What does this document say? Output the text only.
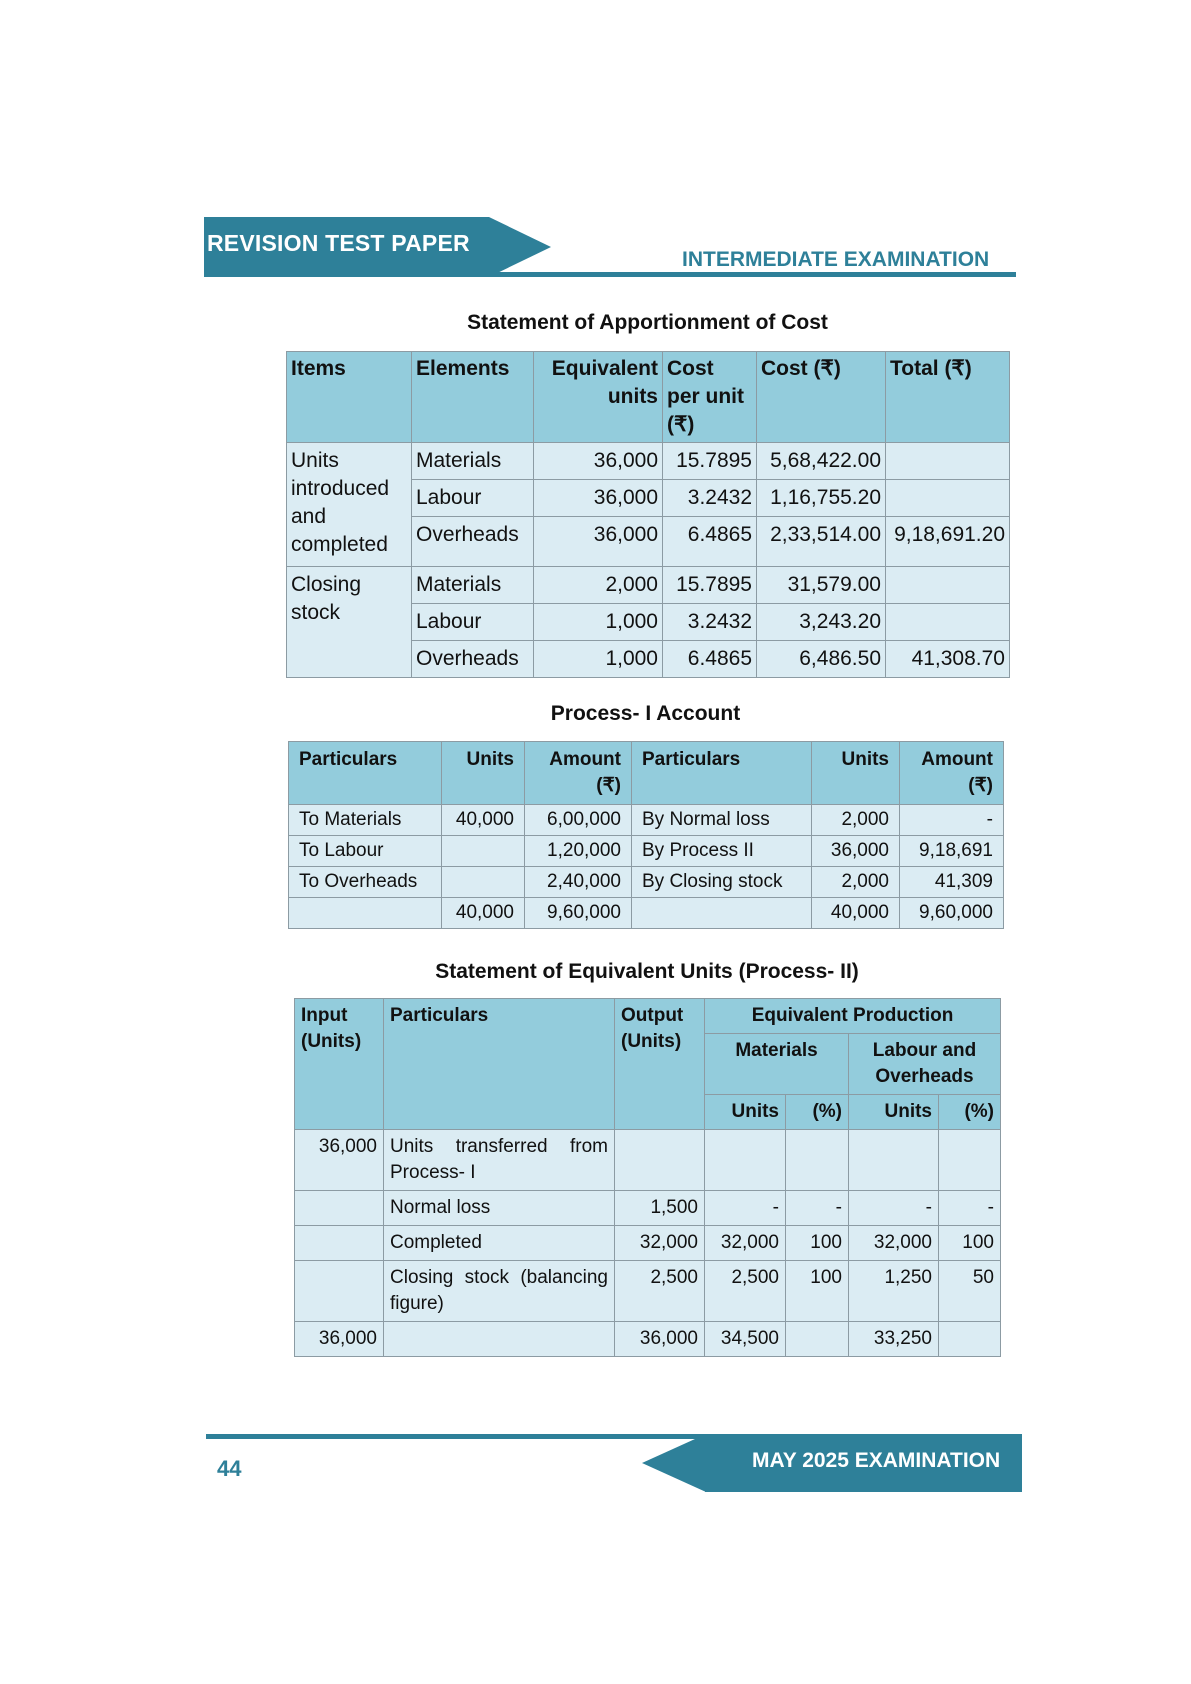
REVISION TEST PAPER
INTERMEDIATE EXAMINATION
Statement of Apportionment of Cost
Items	Elements	Equivalent units	Cost per unit (₹)	Cost (₹)	Total (₹)
Units introduced and completed	Materials	36,000	15.7895	5,68,422.00	
	Labour	36,000	3.2432	1,16,755.20	
	Overheads	36,000	6.4865	2,33,514.00	9,18,691.20
Closing stock	Materials	2,000	15.7895	31,579.00	
	Labour	1,000	3.2432	3,243.20	
	Overheads	1,000	6.4865	6,486.50	41,308.70
Process- I Account
Particulars	Units	Amount (₹)	Particulars	Units	Amount (₹)
To Materials	40,000	6,00,000	By Normal loss	2,000	-
To Labour		1,20,000	By Process II	36,000	9,18,691
To Overheads		2,40,000	By Closing stock	2,000	41,309
	40,000	9,60,000		40,000	9,60,000
Statement of Equivalent Units (Process- II)
Input (Units)	Particulars	Output (Units)	Equivalent Production			
			Materials		Labour and Overheads	
			Units	(%)	Units	(%)
36,000	Units transferred from Process- I					
	Normal loss	1,500	-	-	-	-
	Completed	32,000	32,000	100	32,000	100
	Closing stock (balancing figure)	2,500	2,500	100	1,250	50
36,000		36,000	34,500		33,250	
44	MAY 2025 EXAMINATION
